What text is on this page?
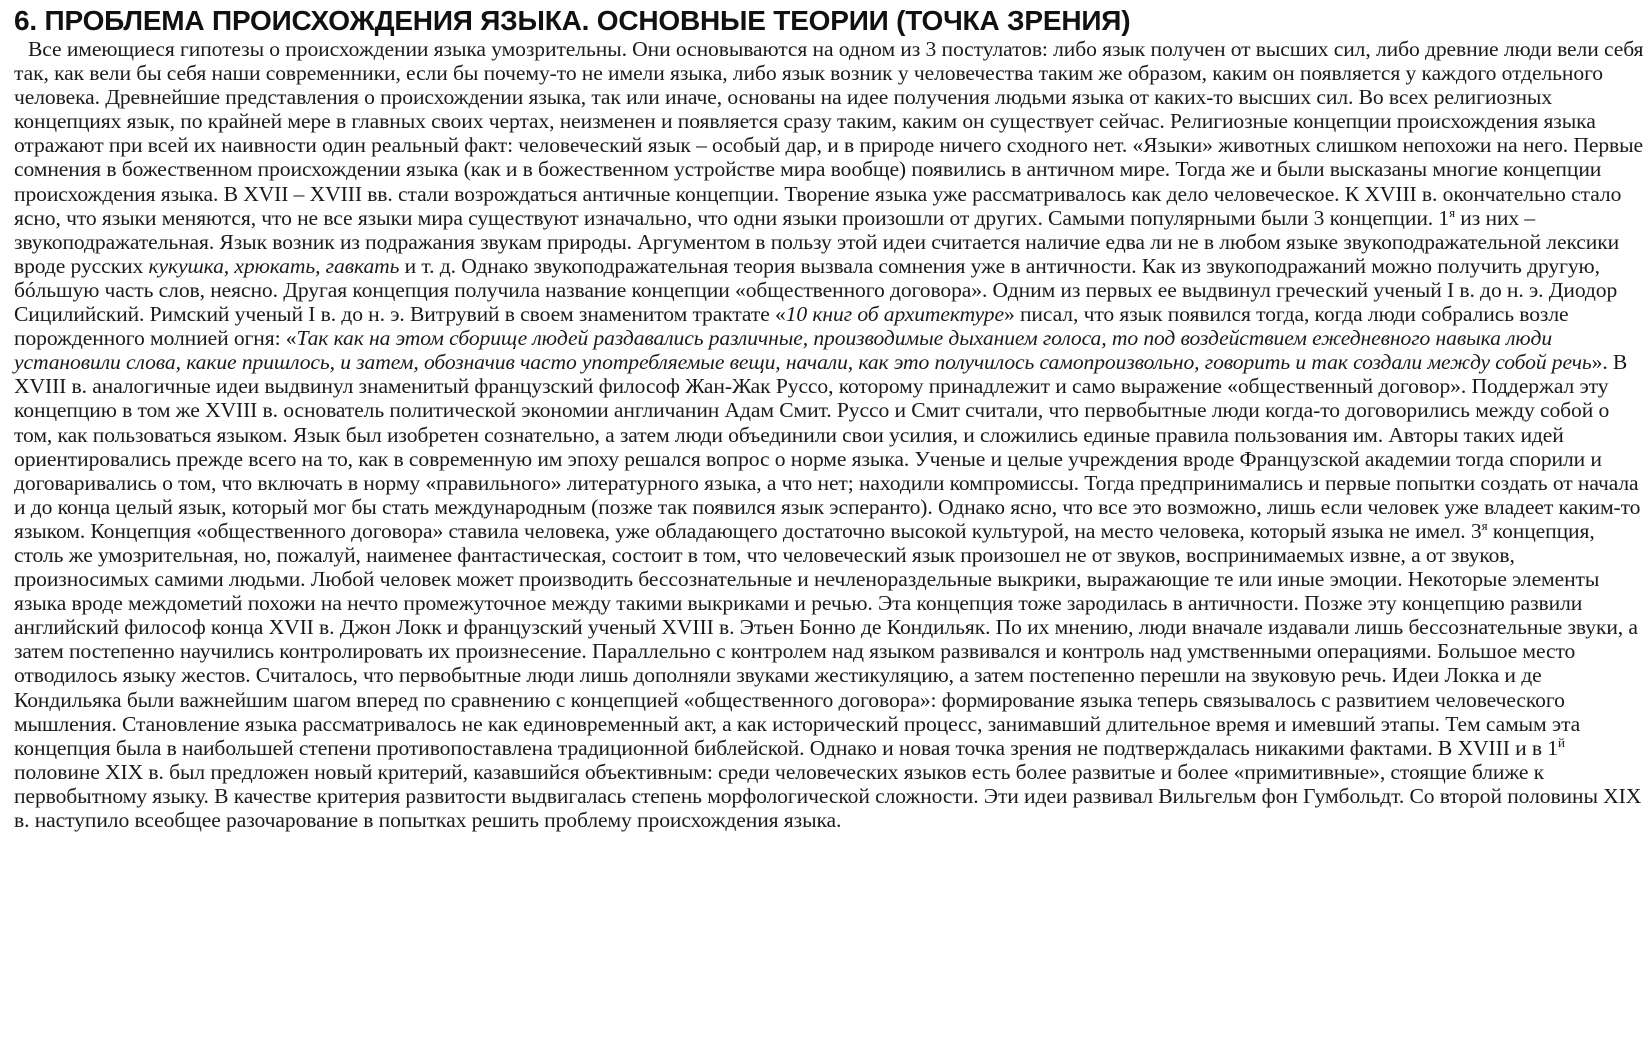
6. ПРОБЛЕМА ПРОИСХОЖДЕНИЯ ЯЗЫКА. ОСНОВНЫЕ ТЕОРИИ (ТОЧКА ЗРЕНИЯ)

Все имеющиеся гипотезы о происхождении языка умозрительны. Они основываются на одном из 3 постулатов: либо язык получен от высших сил, либо древние люди вели себя так, как вели бы себя наши современники, если бы почему-то не имели языка, либо язык возник у человечества таким же образом, каким он появляется у каждого отдельного человека. Древнейшие представления о происхождении языка, так или иначе, основаны на идее получения людьми языка от каких-то высших сил. Во всех религиозных концепциях язык, по крайней мере в главных своих чертах, неизменен и появляется сразу таким, каким он существует сейчас. Религиозные концепции происхождения языка отражают при всей их наивности один реальный факт: человеческий язык – особый дар, и в природе ничего сходного нет. «Языки» животных слишком непохожи на него. Первые сомнения в божественном происхождении языка (как и в божественном устройстве мира вообще) появились в античном мире. Тогда же и были высказаны многие концепции происхождения языка. В XVII – XVIII вв. стали возрождаться античные концепции. Творение языка уже рассматривалось как дело человеческое. К XVIII в. окончательно стало ясно, что языки меняются, что не все языки мира существуют изначально, что одни языки произошли от других. Самыми популярными были 3 концепции. $1^я$ из них – звукоподражательная. Язык возник из подражания звукам природы. Аргументом в пользу этой идеи считается наличие едва ли не в любом языке звукоподражательной лексики вроде русских кукушка, хрюкать, гавкать и т. д. Однако звукоподражательная теория вызвала сомнения уже в античности. Как из звукоподражаний можно получить другую, бóльшую часть слов, неясно. Другая концепция получила название концепции «общественного договора». Одним из первых ее выдвинул греческий ученый I в. до н. э. Диодор Сицилийский. Римский ученый I в. до н. э. Витрувий в своем знаменитом трактате «10 книг об архитектуре» писал, что язык появился тогда, когда люди собрались возле порожденного молнией огня: «Так как на этом сборище людей раздавались различные, производимые дыханием голоса, то под воздействием ежедневного навыка люди установили слова, какие пришлось, и затем, обозначив часто употребляемые вещи, начали, как это получилось самопроизвольно, говорить и так создали между собой речь». В XVIII в. аналогичные идеи выдвинул знаменитый французский философ Жан-Жак Руссо, которому принадлежит и само выражение «общественный договор». Поддержал эту концепцию в том же XVIII в. основатель политической экономии англичанин Адам Смит. Руссо и Смит считали, что первобытные люди когда-то договорились между собой о том, как пользоваться языком. Язык был изобретен сознательно, а затем люди объединили свои усилия, и сложились единые правила пользования им. Авторы таких идей ориентировались прежде всего на то, как в современную им эпоху решался вопрос о норме языка. Ученые и целые учреждения вроде Французской академии тогда спорили и договаривались о том, что включать в норму «правильного» литературного языка, а что нет; находили компромиссы. Тогда предпринимались и первые попытки создать от начала и до конца целый язык, который мог бы стать международным (позже так появился язык эсперанто). Однако ясно, что все это возможно, лишь если человек уже владеет каким-то языком. Концепция «общественного договора» ставила человека, уже обладающего достаточно высокой культурой, на место человека, который языка не имел. $3^я$ концепция, столь же умозрительная, но, пожалуй, наименее фантастическая, состоит в том, что человеческий язык произошел не от звуков, воспринимаемых извне, а от звуков, произносимых самими людьми. Любой человек может производить бессознательные и нечленораздельные выкрики, выражающие те или иные эмоции. Некоторые элементы языка вроде междометий похожи на нечто промежуточное между такими выкриками и речью. Эта концепция тоже зародилась в античности. Позже эту концепцию развили английский философ конца XVII в. Джон Локк и французский ученый XVIII в. Этьен Бонно де Кондильяк. По их мнению, люди вначале издавали лишь бессознательные звуки, а затем постепенно научились контролировать их произнесение. Параллельно с контролем над языком развивался и контроль над умственными операциями. Большое место отводилось языку жестов. Считалось, что первобытные люди лишь дополняли звуками жестикуляцию, а затем постепенно перешли на звуковую речь. Идеи Локка и де Кондильяка были важнейшим шагом вперед по сравнению с концепцией «общественного договора»: формирование языка теперь связывалось с развитием человеческого мышления. Становление языка рассматривалось не как единовременный акт, а как исторический процесс, занимавший длительное время и имевший этапы. Тем самым эта концепция была в наибольшей степени противопоставлена традиционной библейской. Однако и новая точка зрения не подтверждалась никакими фактами. В XVIII и в $1^й$ половине XIX в. был предложен новый критерий, казавшийся объективным: среди человеческих языков есть более развитые и более «примитивные», стоящие ближе к первобытному языку. В качестве критерия развитости выдвигалась степень морфологической сложности. Эти идеи развивал Вильгельм фон Гумбольдт. Со второй половины XIX в. наступило всеобщее разочарование в попытках решить проблему происхождения языка.
